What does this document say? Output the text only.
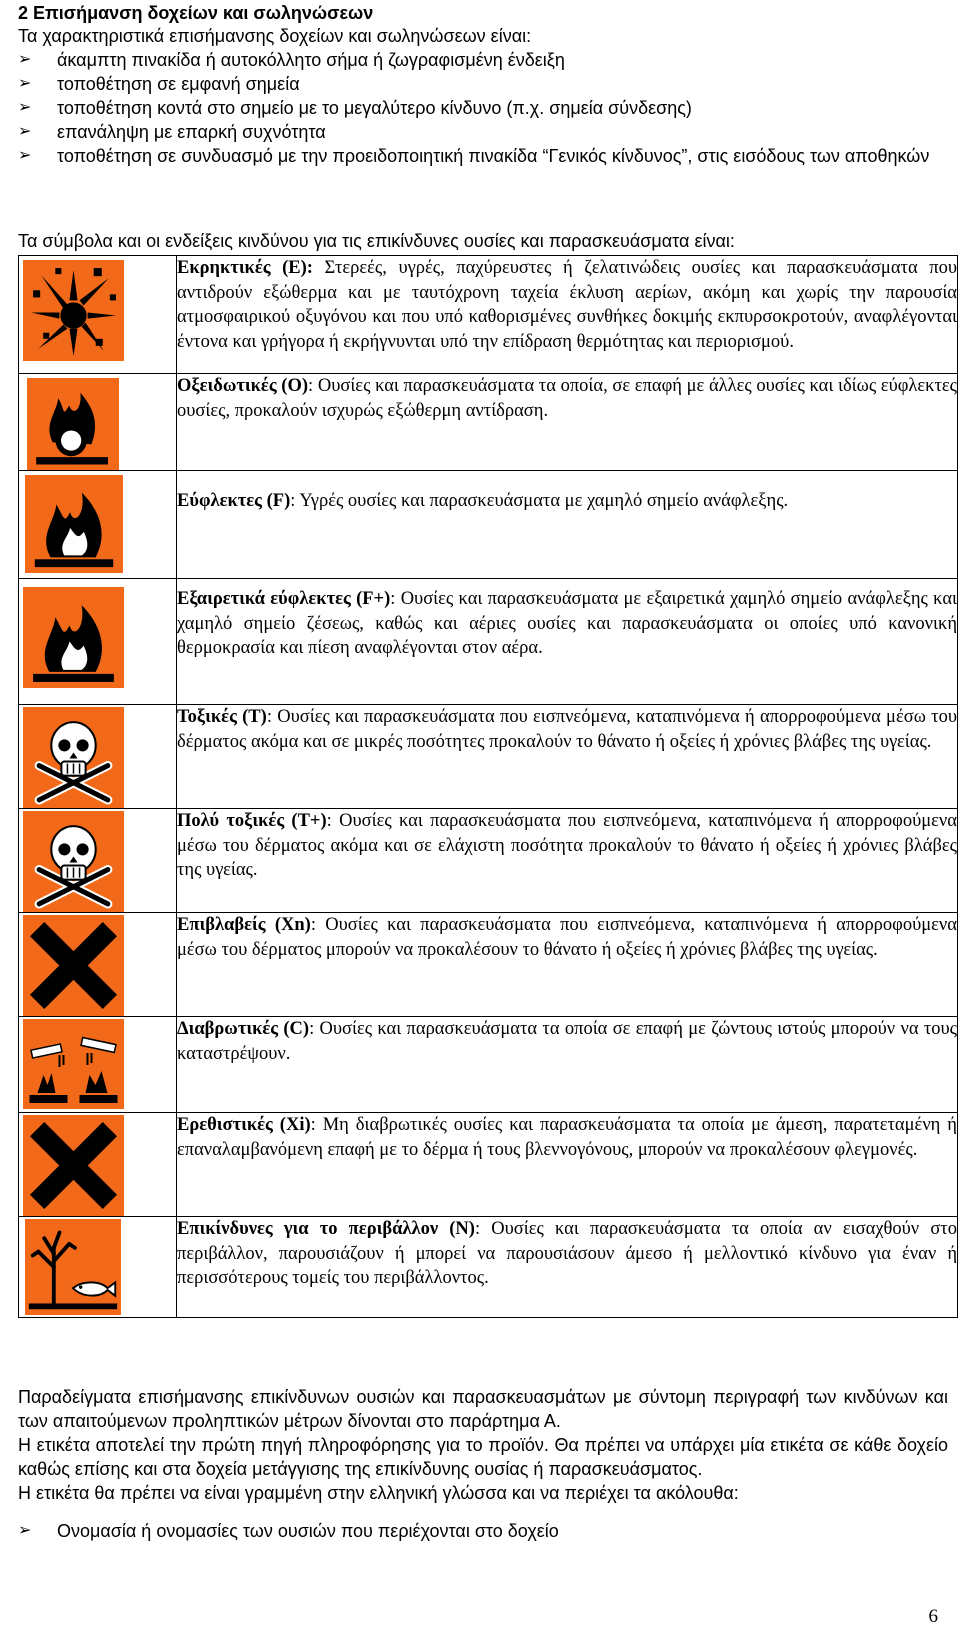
2 Επισήμανση δοχείων και σωληνώσεων
Τα χαρακτηριστικά επισήμανσης δοχείων και σωληνώσεων είναι:
➢ άκαμπτη πινακίδα ή αυτοκόλλητο σήμα ή ζωγραφισμένη ένδειξη
➢ τοποθέτηση σε εμφανή σημεία
➢ τοποθέτηση κοντά στο σημείο με το μεγαλύτερο κίνδυνο (π.χ. σημεία σύνδεσης)
➢ επανάληψη με επαρκή συχνότητα
➢ τοποθέτηση σε συνδυασμό με την προειδοποιητική πινακίδα “Γενικός κίνδυνος”, στις εισόδους των αποθηκών
Τα σύμβολα και οι ενδείξεις κινδύνου για τις επικίνδυνες ουσίες και παρασκευάσματα είναι:
	Εκρηκτικές (Ε): Στερεές, υγρές, παχύρευστες ή ζελατινώδεις ουσίες και παρασκευάσματα που αντιδρούν εξώθερμα και με ταυτόχρονη ταχεία έκλυση αερίων, ακόμη και χωρίς την παρουσία ατμοσφαιρικού οξυγόνου και που υπό καθορισμένες συνθήκες δοκιμής εκπυρσοκροτούν, αναφλέγονται έντονα και γρήγορα ή εκρήγνυνται υπό την επίδραση θερμότητας και περιορισμού.

	Οξειδωτικές (Ο): Ουσίες και παρασκευάσματα τα οποία, σε επαφή με άλλες ουσίες και ιδίως εύφλεκτες ουσίες, προκαλούν ισχυρώς εξώθερμη αντίδραση.

	Εύφλεκτες (F): Υγρές ουσίες και παρασκευάσματα με χαμηλό σημείο ανάφλεξης.

	Εξαιρετικά εύφλεκτες (F+): Ουσίες και παρασκευάσματα με εξαιρετικά χαμηλό σημείο ανάφλεξης και χαμηλό σημείο ζέσεως, καθώς και αέριες ουσίες και παρασκευάσματα οι οποίες υπό κανονική θερμοκρασία και πίεση αναφλέγονται στον αέρα.

	Τοξικές (Τ): Ουσίες και παρασκευάσματα που εισπνεόμενα, καταπινόμενα ή απορροφούμενα μέσω του δέρματος ακόμα και σε μικρές ποσότητες προκαλούν το θάνατο ή οξείες ή χρόνιες βλάβες της υγείας.

	Πολύ τοξικές (Τ+): Ουσίες και παρασκευάσματα που εισπνεόμενα, καταπινόμενα ή απορροφούμενα μέσω του δέρματος ακόμα και σε ελάχιστη ποσότητα προκαλούν το θάνατο ή οξείες ή χρόνιες βλάβες της υγείας.

	Επιβλαβείς (Xn): Ουσίες και παρασκευάσματα που εισπνεόμενα, καταπινόμενα ή απορροφούμενα μέσω του δέρματος μπορούν να προκαλέσουν το θάνατο ή οξείες ή χρόνιες βλάβες της υγείας.

	Διαβρωτικές (C): Ουσίες και παρασκευάσματα τα οποία σε επαφή με ζώντους ιστούς μπορούν να τους καταστρέψουν.

	Ερεθιστικές (Xi): Μη διαβρωτικές ουσίες και παρασκευάσματα τα οποία με άμεση, παρατεταμένη ή επαναλαμβανόμενη επαφή με το δέρμα ή τους βλεννογόνους, μπορούν να προκαλέσουν φλεγμονές.

	Επικίνδυνες για το περιβάλλον (Ν): Ουσίες και παρασκευάσματα τα οποία αν εισαχθούν στο περιβάλλον, παρουσιάζουν ή μπορεί να παρουσιάσουν άμεσο ή μελλοντικό κίνδυνο για έναν ή περισσότερους τομείς του περιβάλλοντος.
Παραδείγματα επισήμανσης επικίνδυνων ουσιών και παρασκευασμάτων με σύντομη περιγραφή των κινδύνων και των απαιτούμενων προληπτικών μέτρων δίνονται στο παράρτημα Α.
Η ετικέτα αποτελεί την πρώτη πηγή πληροφόρησης για το προϊόν. Θα πρέπει να υπάρχει μία ετικέτα σε κάθε δοχείο καθώς επίσης και στα δοχεία μετάγγισης της επικίνδυνης ουσίας ή παρασκευάσματος.
Η ετικέτα θα πρέπει να είναι γραμμένη στην ελληνική γλώσσα και να περιέχει τα ακόλουθα:
➢ Ονομασία ή ονομασίες των ουσιών που περιέχονται στο δοχείο
6
